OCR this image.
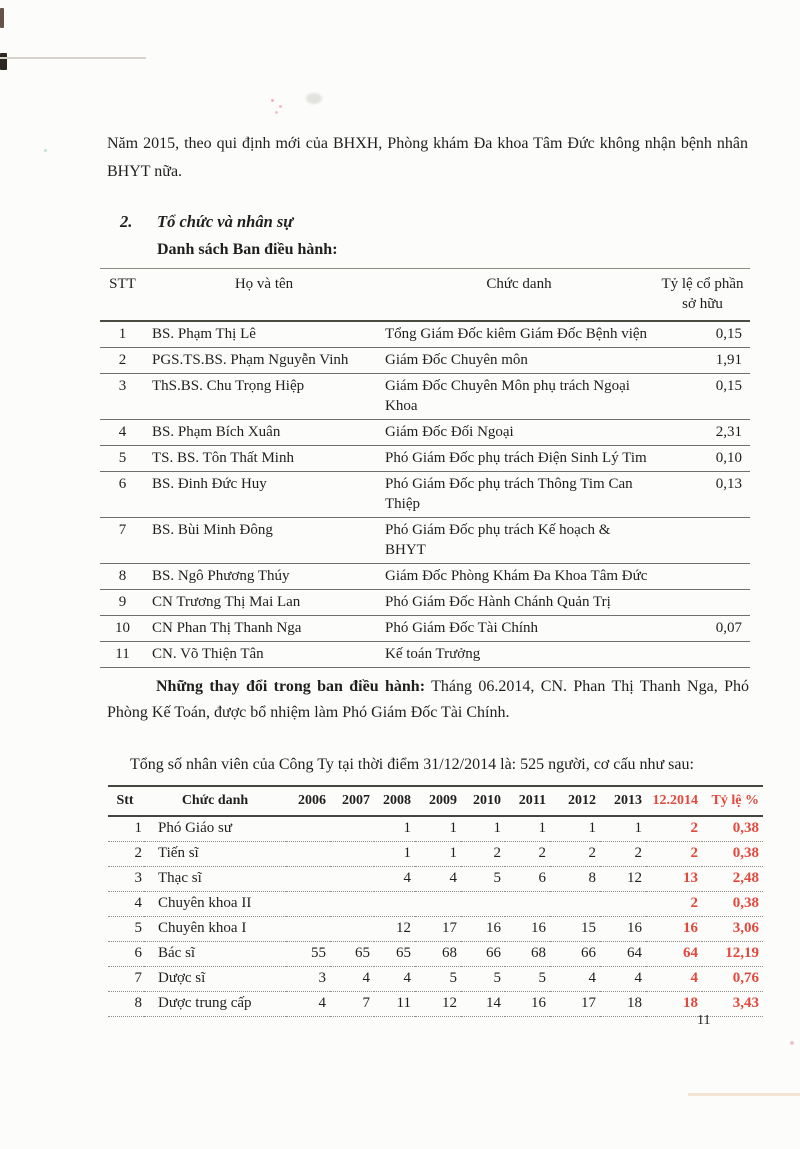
Năm 2015, theo qui định mới của BHXH, Phòng khám Đa khoa Tâm Đức không nhận bệnh nhân BHYT nữa.

2.	Tổ chức và nhân sự
Danh sách Ban điều hành:
STT	Họ và tên	Chức danh	Tỷ lệ cổ phần
sở hữu
1	BS. Phạm Thị Lê	Tổng Giám Đốc kiêm Giám Đốc Bệnh viện	0,15
2	PGS.TS.BS. Phạm Nguyễn Vinh	Giám Đốc Chuyên môn	1,91
3	ThS.BS. Chu Trọng Hiệp	Giám Đốc Chuyên Môn phụ trách Ngoại
Khoa	0,15
4	BS. Phạm Bích Xuân	Giám Đốc Đối Ngoại	2,31
5	TS. BS. Tôn Thất Minh	Phó Giám Đốc phụ trách Điện Sinh Lý Tim	0,10
6	BS. Đinh Đức Huy	Phó Giám Đốc phụ trách Thông Tim Can
Thiệp	0,13
7	BS. Bùi Minh Đông	Phó Giám Đốc phụ trách Kế hoạch &
BHYT	
8	BS. Ngô Phương Thúy	Giám Đốc Phòng Khám Đa Khoa Tâm Đức	
9	CN Trương Thị Mai Lan	Phó Giám Đốc Hành Chánh Quản Trị	
10	CN Phan Thị Thanh Nga	Phó Giám Đốc Tài Chính	0,07
11	CN. Võ Thiện Tân	Kế toán Trưởng	

Những thay đổi trong ban điều hành: Tháng 06.2014, CN. Phan Thị Thanh Nga, Phó Phòng Kế Toán, được bổ nhiệm làm Phó Giám Đốc Tài Chính.

Tổng số nhân viên của Công Ty tại thời điểm 31/12/2014 là: 525 người, cơ cấu như sau:

Stt	Chức danh	2006	2007	2008	2009	2010	2011	2012	2013	12.2014	Tỷ lệ %
1	Phó Giáo sư			1	1	1	1	1	1	2	0,38
2	Tiến sĩ			1	1	2	2	2	2	2	0,38
3	Thạc sĩ			4	4	5	6	8	12	13	2,48
4	Chuyên khoa II									2	0,38
5	Chuyên khoa I			12	17	16	16	15	16	16	3,06
6	Bác sĩ	55	65	65	68	66	68	66	64	64	12,19
7	Dược sĩ	3	4	4	5	5	5	4	4	4	0,76
8	Dược trung cấp	4	7	11	12	14	16	17	18	18	3,43
11
